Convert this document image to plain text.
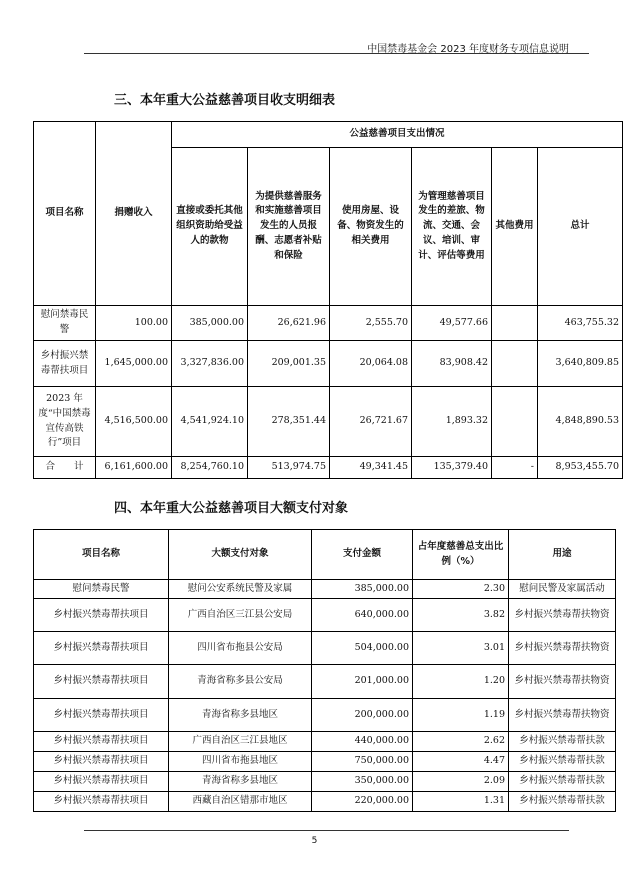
中国禁毒基金会 2023 年度财务专项信息说明
三、本年重大公益慈善项目收支明细表
项目名称	捐赠收入	公益慈善项目支出情况					
		直接或委托其他组织资助给受益人的款物	为提供慈善服务和实施慈善项目发生的人员报酬、志愿者补贴和保险	使用房屋、设备、物资发生的相关费用	为管理慈善项目发生的差旅、物流、交通、会议、培训、审计、评估等费用	其他费用	总计
慰问禁毒民警	100.00	385,000.00	26,621.96	2,555.70	49,577.66		463,755.32
乡村振兴禁毒帮扶项目	1,645,000.00	3,327,836.00	209,001.35	20,064.08	83,908.42		3,640,809.85
2023 年度“中国禁毒宣传高铁行”项目	4,516,500.00	4,541,924.10	278,351.44	26,721.67	1,893.32		4,848,890.53
合　　计	6,161,600.00	8,254,760.10	513,974.75	49,341.45	135,379.40	-	8,953,455.70
四、本年重大公益慈善项目大额支付对象
项目名称	大额支付对象	支付金额	占年度慈善总支出比例（%）	用途
慰问禁毒民警	慰问公安系统民警及家属	385,000.00	2.30	慰问民警及家属活动
乡村振兴禁毒帮扶项目	广西自治区三江县公安局	640,000.00	3.82	乡村振兴禁毒帮扶物资
乡村振兴禁毒帮扶项目	四川省布拖县公安局	504,000.00	3.01	乡村振兴禁毒帮扶物资
乡村振兴禁毒帮扶项目	青海省称多县公安局	201,000.00	1.20	乡村振兴禁毒帮扶物资
乡村振兴禁毒帮扶项目	青海省称多县地区	200,000.00	1.19	乡村振兴禁毒帮扶物资
乡村振兴禁毒帮扶项目	广西自治区三江县地区	440,000.00	2.62	乡村振兴禁毒帮扶款
乡村振兴禁毒帮扶项目	四川省布拖县地区	750,000.00	4.47	乡村振兴禁毒帮扶款
乡村振兴禁毒帮扶项目	青海省称多县地区	350,000.00	2.09	乡村振兴禁毒帮扶款
乡村振兴禁毒帮扶项目	西藏自治区错那市地区	220,000.00	1.31	乡村振兴禁毒帮扶款
5
